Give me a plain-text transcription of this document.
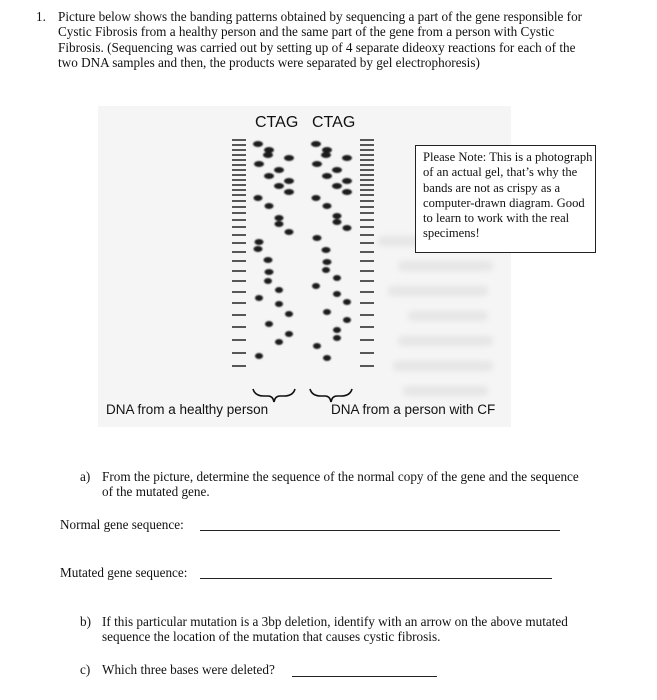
1. Picture below shows the banding patterns obtained by sequencing a part of the gene responsible for Cystic Fibrosis from a healthy person and the same part of the gene from a person with Cystic Fibrosis. (Sequencing was carried out by setting up of 4 separate dideoxy reactions for each of the two DNA samples and then, the products were separated by gel electrophoresis)
CTAG CTAG
DNA from a healthy person	DNA from a person with CF
Please Note: This is a photograph of an actual gel, that’s why the bands are not as crispy as a computer-drawn diagram. Good to learn to work with the real specimens!
a) From the picture, determine the sequence of the normal copy of the gene and the sequence of the mutated gene.
Normal gene sequence:
Mutated gene sequence:
b) If this particular mutation is a 3bp deletion, identify with an arrow on the above mutated sequence the location of the mutation that causes cystic fibrosis.
c) Which three bases were deleted?
